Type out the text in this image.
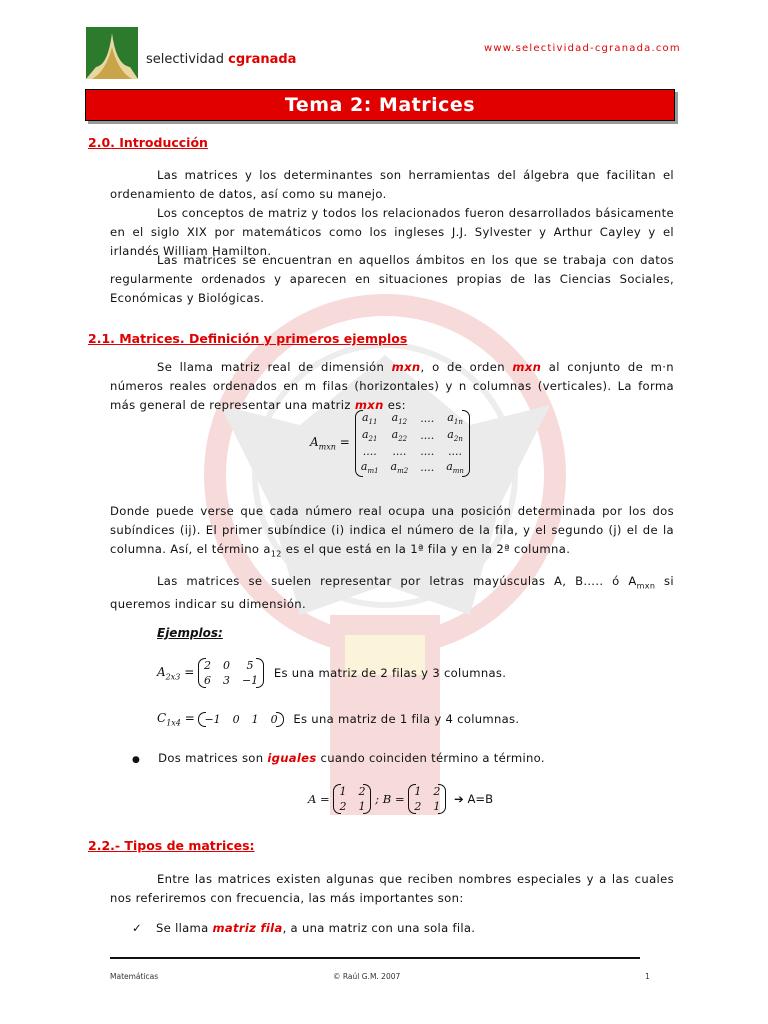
selectividad cgranada
www.selectividad-cgranada.com
Tema 2: Matrices
2.0. Introducción
Las matrices y los determinantes son herramientas del álgebra que facilitan el ordenamiento de datos, así como su manejo.
Los conceptos de matriz y todos los relacionados fueron desarrollados básicamente en el siglo XIX por matemáticos como los ingleses J.J. Sylvester y Arthur Cayley y el irlandés William Hamilton.
Las matrices se encuentran en aquellos ámbitos en los que se trabaja con datos regularmente ordenados y aparecen en situaciones propias de las Ciencias Sociales, Económicas y Biológicas.
2.1. Matrices. Definición y primeros ejemplos
Se llama matriz real de dimensión mxn, o de orden mxn al conjunto de m·n números reales ordenados en m filas (horizontales) y n columnas (verticales). La forma más general de representar una matriz mxn es:
$A_{mxn}$ =
$a_{11}$	$a_{12}$	....	$a_{1n}$
$a_{21}$	$a_{22}$	....	$a_{2n}$
....	....	....	....
$a_{m1}$	$a_{m2}$	....	$a_{mn}$
Donde puede verse que cada número real ocupa una posición determinada por los dos subíndices (ij). El primer subíndice (i) indica el número de la fila, y el segundo (j) el de la columna. Así, el término $a_{12}$ es el que está en la 1ª fila y en la 2ª columna.
Las matrices se suelen representar por letras mayúsculas A, B….. ó $A_{mxn}$ si queremos indicar su dimensión.
Ejemplos:
$A_{2x3} = 2$	0	5
6	3	−1
Es una matriz de 2 filas y 3 columnas.
$C_{1x4} = -1$	0	1	0 Es una matriz de 1 fila y 4 columnas.
● Dos matrices son iguales cuando coinciden término a término.
A =
1	2
2	1
; B =
1	2
2	1
➔ A=B
2.2.- Tipos de matrices:
Entre las matrices existen algunas que reciben nombres especiales y a las cuales nos referiremos con frecuencia, las más importantes son:
✓ Se llama matriz fila, a una matriz con una sola fila.
Matemáticas	© Raúl G.M. 2007	1
